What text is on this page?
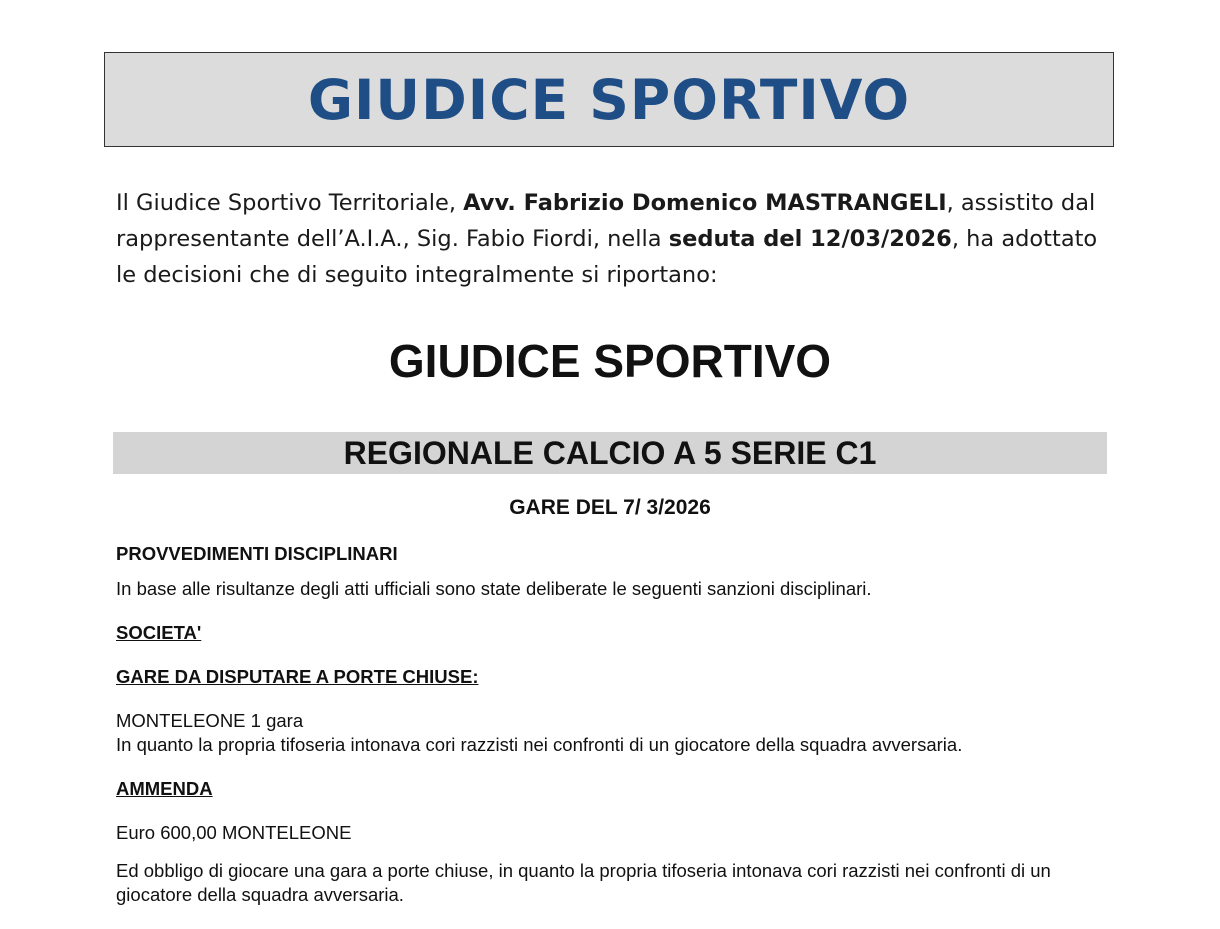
GIUDICE SPORTIVO

Il Giudice Sportivo Territoriale, Avv. Fabrizio Domenico MASTRANGELI, assistito dal rappresentante dell’A.I.A., Sig. Fabio Fiordi, nella seduta del 12/03/2026, ha adottato le decisioni che di seguito integralmente si riportano:

GIUDICE SPORTIVO
REGIONALE CALCIO A 5 SERIE C1
GARE DEL 7/ 3/2026
PROVVEDIMENTI DISCIPLINARI
In base alle risultanze degli atti ufficiali sono state deliberate le seguenti sanzioni disciplinari.
SOCIETA'
GARE DA DISPUTARE A PORTE CHIUSE:
MONTELEONE 1 gara
In quanto la propria tifoseria intonava cori razzisti nei confronti di un giocatore della squadra avversaria.
AMMENDA
Euro 600,00 MONTELEONE
Ed obbligo di giocare una gara a porte chiuse, in quanto la propria tifoseria intonava cori razzisti nei confronti di un giocatore della squadra avversaria.
